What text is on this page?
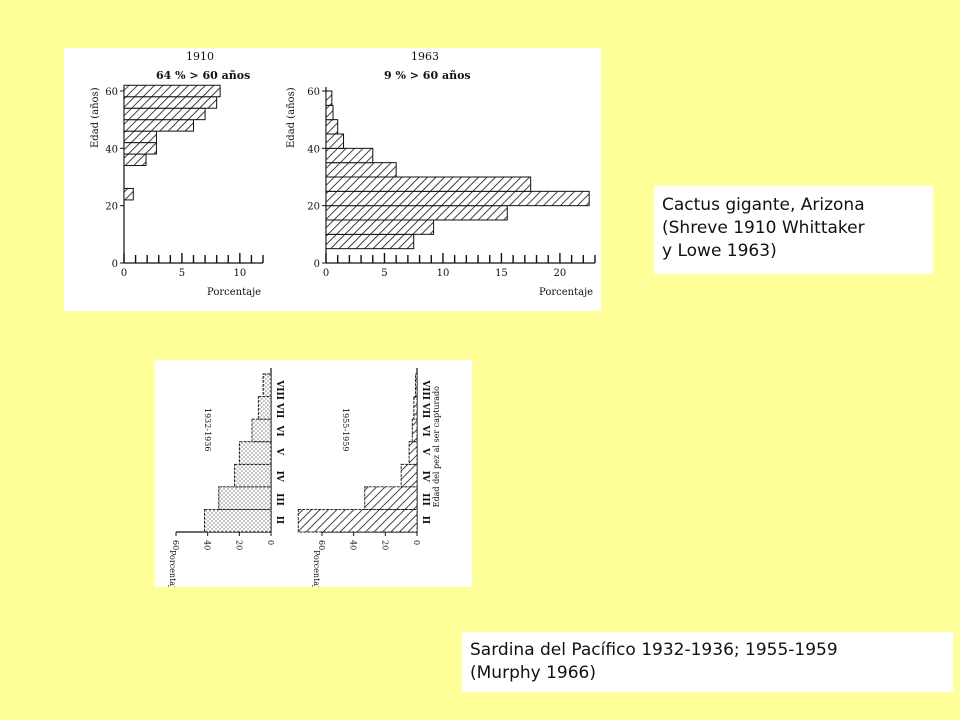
1910
64 % > 60 años
Edad (años)
Porcentaje
0
20
40
60
0	5	10
1963
9 % > 60 años
Edad (años)
Porcentaje
0
20
40
60
0	5	10	15	20
1932-1936
Porcentaje
60	40	20	0
II
III
IV
V
VI
VII
VIII
1955-1959
Porcentaje
Edad del pez al ser capturado
60	40	20	0
II
III
IV
V
VI
VII
VIII
Cactus gigante, Arizona
(Shreve 1910 Whittaker
y Lowe 1963)
Sardina del Pacífico 1932-1936; 1955-1959
(Murphy 1966)
